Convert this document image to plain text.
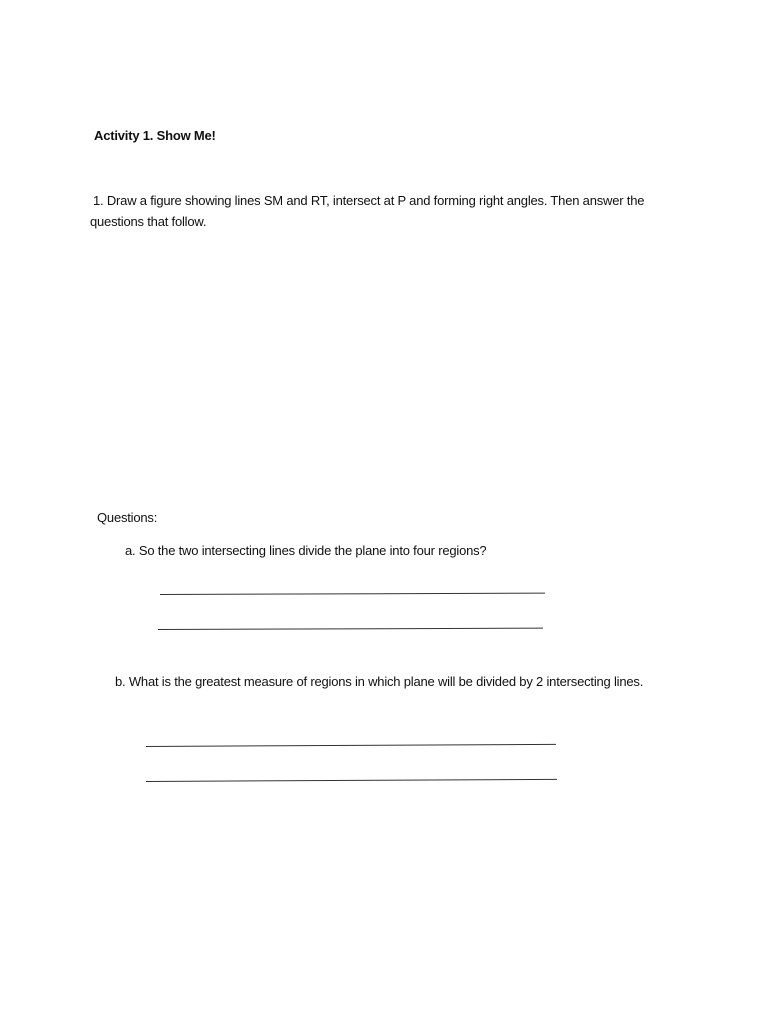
Activity 1. Show Me!
1. Draw a figure showing lines SM and RT, intersect at P and forming right angles. Then answer the
questions that follow.
Questions:
a. So the two intersecting lines divide the plane into four regions?
b. What is the greatest measure of regions in which plane will be divided by 2 intersecting lines.
